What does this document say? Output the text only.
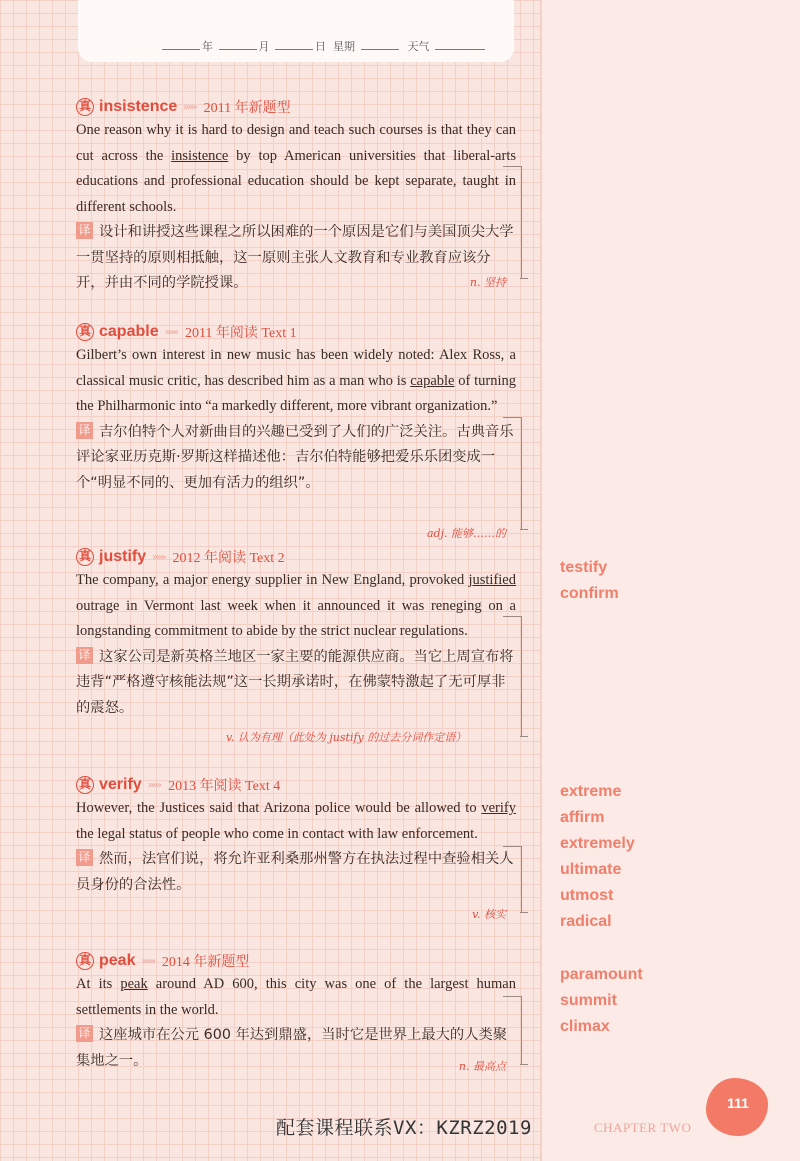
年	月	日 星期	天气
真 insistence »»» 2011 年新题型

One reason why it is hard to design and teach such courses is that they can cut across the insistence by top American universities that liberal-arts educations and professional education should be kept separate, taught in different schools.

译 设计和讲授这些课程之所以困难的一个原因是它们与美国顶尖大学一贯坚持的原则相抵触，这一原则主张人文教育和专业教育应该分开，并由不同的学院授课。	n. 坚持
真 capable »»» 2011 年阅读 Text 1

Gilbert’s own interest in new music has been widely noted: Alex Ross, a classical music critic, has described him as a man who is capable of turning the Philharmonic into “a markedly different, more vibrant organization.”

译 吉尔伯特个人对新曲目的兴趣已受到了人们的广泛关注。古典音乐评论家亚历克斯·罗斯这样描述他：吉尔伯特能够把爱乐乐团变成一个“明显不同的、更加有活力的组织”。

adj. 能够……的
真 justify »»» 2012 年阅读 Text 2

The company, a major energy supplier in New England, provoked justified outrage in Vermont last week when it announced it was reneging on a longstanding commitment to abide by the strict nuclear regulations.

译 这家公司是新英格兰地区一家主要的能源供应商。当它上周宣布将违背“严格遵守核能法规”这一长期承诺时，在佛蒙特激起了无可厚非的震怒。

v. 认为有理（此处为 justify 的过去分词作定语）
真 verify »»» 2013 年阅读 Text 4

However, the Justices said that Arizona police would be allowed to verify the legal status of people who come in contact with law enforcement.

译 然而，法官们说，将允许亚利桑那州警方在执法过程中查验相关人员身份的合法性。

v. 核实
真 peak »»» 2014 年新题型

At its peak around AD 600, this city was one of the largest human settlements in the world.

译 这座城市在公元 600 年达到鼎盛，当时它是世界上最大的人类聚集地之一。	n. 最高点
testify
confirm
extreme
affirm
extremely
ultimate
utmost
radical
paramount
summit
climax
配套课程联系VX：KZRZ2019	CHAPTER TWO
111
